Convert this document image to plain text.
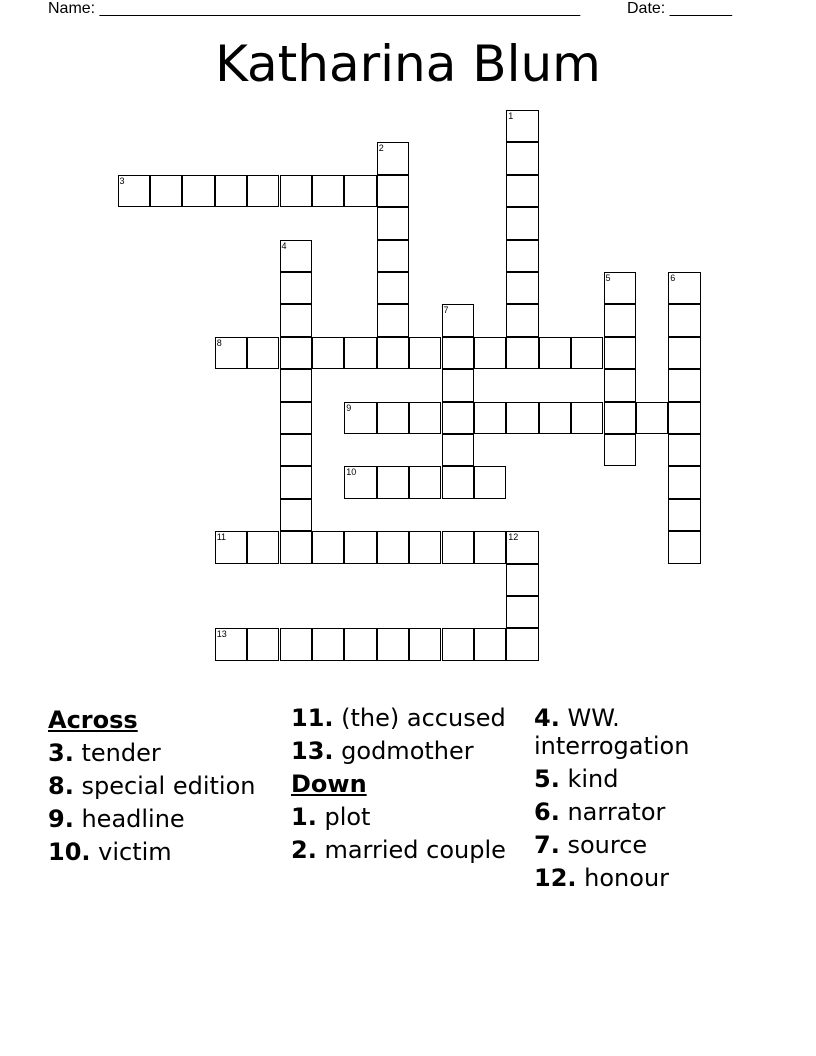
Name: ______________________________________________________	Date: _______
Katharina Blum
1
2
3
4
5	6
7
8
9
10
11	12
13
Across
3. tender
8. special edition
9. headline
10. victim
11. (the) accused
13. godmother
Down
1. plot
2. married couple
4. WW. interrogation
5. kind
6. narrator
7. source
12. honour
